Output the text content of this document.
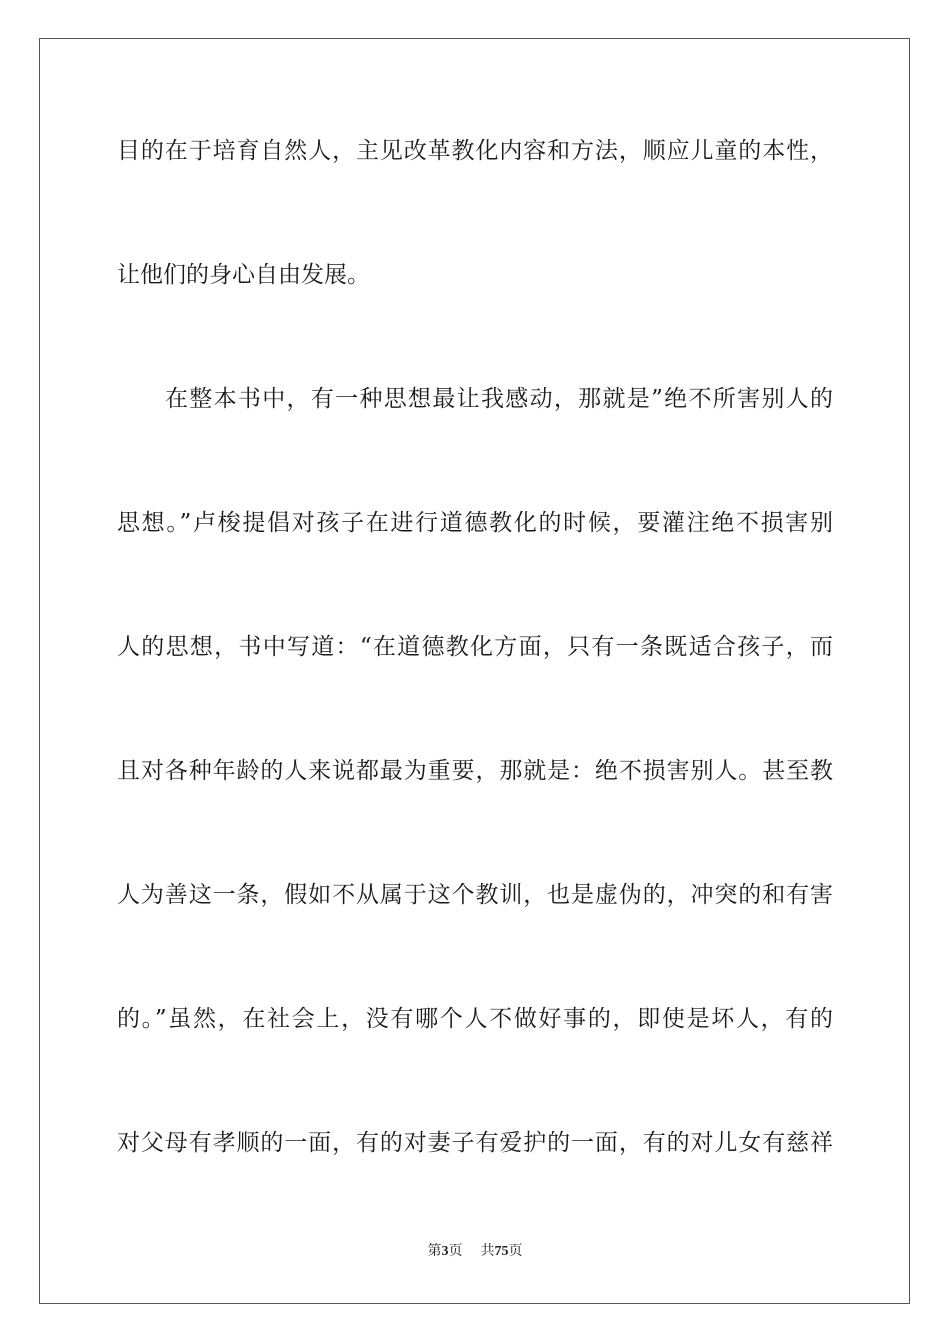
目的在于培育自然人，主见改革教化内容和方法，顺应儿童的本性，
让他们的身心自由发展。
在整本书中，有一种思想最让我感动，那就是”绝不所害别人的
思想。”卢梭提倡对孩子在进行道德教化的时候，要灌注绝不损害别
人的思想，书中写道：“在道德教化方面，只有一条既适合孩子，而
且对各种年龄的人来说都最为重要，那就是：绝不损害别人。甚至教
人为善这一条，假如不从属于这个教训，也是虚伪的，冲突的和有害
的。”虽然，在社会上，没有哪个人不做好事的，即使是坏人，有的
对父母有孝顺的一面，有的对妻子有爱护的一面，有的对儿女有慈祥
第3页 共75页
